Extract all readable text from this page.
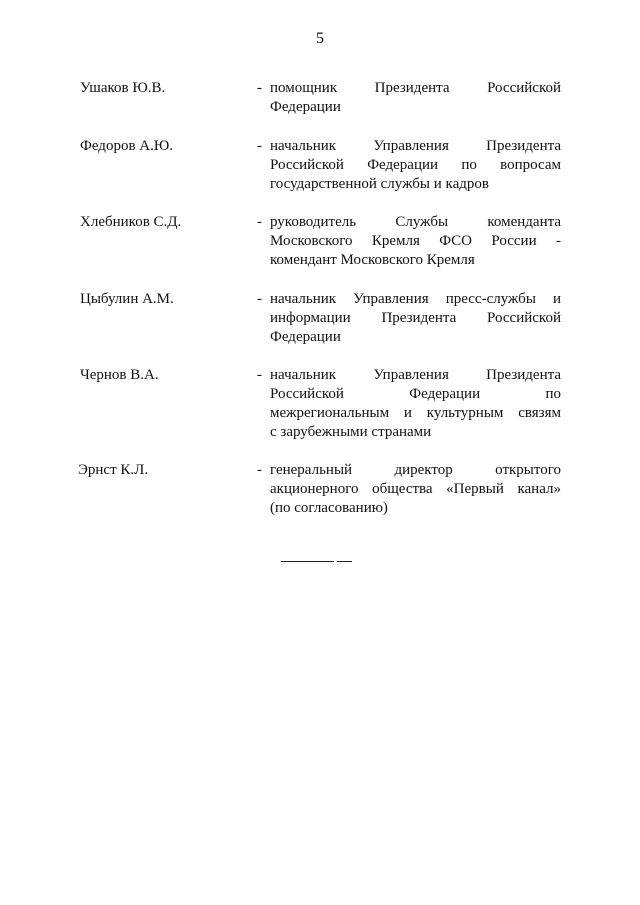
5
Ушаков Ю.В.	- помощник Президента Российской
Федерации
Федоров А.Ю.	- начальник Управления Президента
Российской Федерации по вопросам
государственной службы и кадров
Хлебников С.Д.	- руководитель Службы коменданта
Московского Кремля ФСО России -
комендант Московского Кремля
Цыбулин А.М.	- начальник Управления пресс-службы и
информации Президента Российской
Федерации
Чернов В.А.	- начальник Управления Президента
Российской Федерации по
межрегиональным и культурным связям
с зарубежными странами
Эрнст К.Л.	- генеральный директор открытого
акционерного общества «Первый канал»
(по согласованию)
